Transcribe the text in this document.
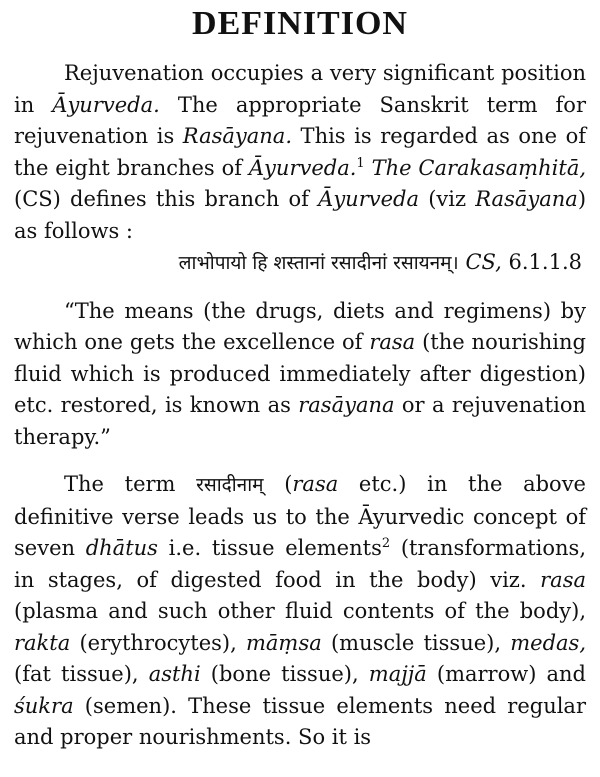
DEFINITION

Rejuvenation occupies a very significant position in Āyurveda. The appropriate Sanskrit term for rejuvenation is Rasāyana. This is regarded as one of the eight branches of Āyurveda.$^1$ The Carakasaṃhitā, (CS) defines this branch of Āyurveda (viz Rasāyana) as follows :

लाभोपायो हि शस्तानां रसादीनां रसायनम्। CS, 6.1.1.8

“The means (the drugs, diets and regimens) by which one gets the excellence of rasa (the nourishing fluid which is produced immediately after digestion) etc. restored, is known as rasāyana or a rejuvenation therapy.”

The term रसादीनाम् (rasa etc.) in the above definitive verse leads us to the Āyurvedic concept of seven dhātus i.e. tissue elements$^2$ (transformations, in stages, of digested food in the body) viz. rasa (plasma and such other fluid contents of the body), rakta (erythrocytes), māṃsa (muscle tissue), medas, (fat tissue), asthi (bone tissue), majjā (marrow) and śukra (semen). These tissue elements need regular and proper nourishments. So it is
